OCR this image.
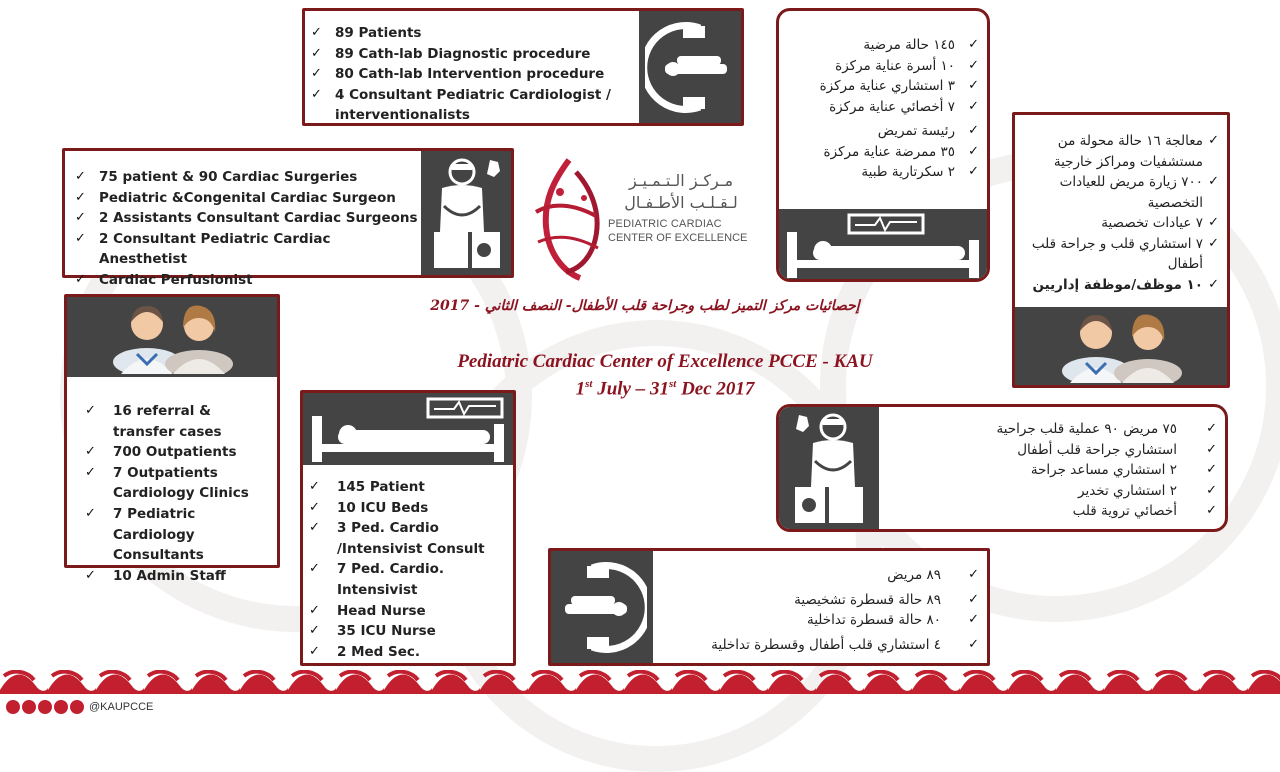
✓ 89 Patients
✓ 89 Cath-lab Diagnostic procedure
✓ 80 Cath-lab Intervention procedure
✓ 4 Consultant Pediatric Cardiologist / interventionalists
✓ ١٤٥ حالة مرضية
✓ ١٠ أسرة عناية مركزة
✓ ٣ استشاري عناية مركزة
✓ ٧ أخصائي عناية مركزة
✓ رئيسة تمريض
✓ ٣٥ ممرضة عناية مركزة
✓ ٢ سكرتارية طبية
✓ 75 patient & 90 Cardiac Surgeries
✓ Pediatric &Congenital Cardiac Surgeon
✓ 2 Assistants Consultant Cardiac Surgeons
✓ 2 Consultant Pediatric Cardiac Anesthetist
✓ Cardiac Perfusionist
مـركـز الـتـمـيـز لـقـلـب الأطـفـال
PEDIATRIC CARDIAC
CENTER OF EXCELLENCE
✓ معالجة ١٦ حالة محولة من مستشفيات ومراكز خارجية
✓ ٧٠٠ زيارة مريض للعيادات التخصصية
✓ ٧ عيادات تخصصية
✓ ٧ استشاري قلب و جراحة قلب أطفال
✓ ١٠ موظف/موظفة إداريين
إحصائيات مركز التميز لطب وجراحة قلب الأطفال- النصف الثاني - 2017
Pediatric Cardiac Center of Excellence PCCE - KAU
1st July – 31st Dec 2017
✓ 16 referral & transfer cases
✓ 700 Outpatients
✓ 7 Outpatients Cardiology Clinics
✓ 7 Pediatric Cardiology Consultants
✓ 10 Admin Staff
✓ 145 Patient
✓ 10 ICU Beds
✓ 3 Ped. Cardio /Intensivist Consult
✓ 7 Ped. Cardio. Intensivist
✓ Head Nurse
✓ 35 ICU Nurse
✓ 2 Med Sec.
✓ ٧٥ مريض ٩٠ عملية قلب جراحية
✓ استشاري جراحة قلب أطفال
✓ ٢ استشاري مساعد جراحة
✓ ٢ استشاري تخدير
✓ أخصائي تروية قلب
✓ ٨٩ مريض
✓ ٨٩ حالة قسطرة تشخيصية
✓ ٨٠ حالة قسطرة تداخلية
✓ ٤ استشاري قلب أطفال وقسطرة تداخلية
@KAUPCCE
